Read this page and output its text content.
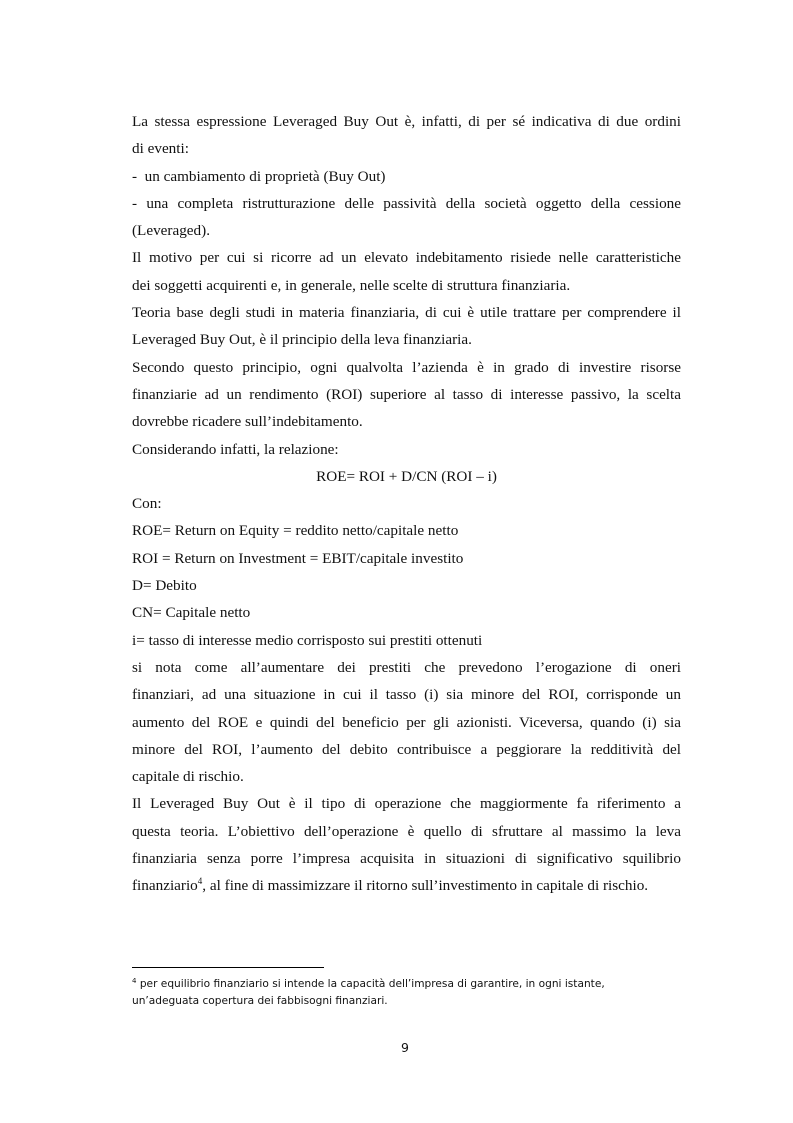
La stessa espressione Leveraged Buy Out è, infatti, di per sé indicativa di due ordini
di eventi:
-  un cambiamento di proprietà (Buy Out)
- una completa ristrutturazione delle passività della società oggetto della cessione
(Leveraged).
Il motivo per cui si ricorre ad un elevato indebitamento risiede nelle caratteristiche
dei soggetti acquirenti e, in generale, nelle scelte di struttura finanziaria.
Teoria base degli studi in materia finanziaria, di cui è utile trattare per comprendere il
Leveraged Buy Out, è il principio della leva finanziaria.
Secondo questo principio, ogni qualvolta l’azienda è in grado di investire risorse
finanziarie ad un rendimento (ROI) superiore al tasso di interesse passivo, la scelta
dovrebbe ricadere sull’indebitamento.
Considerando infatti, la relazione:
ROE= ROI + D/CN (ROI – i)
Con:
ROE= Return on Equity = reddito netto/capitale netto
ROI = Return on Investment = EBIT/capitale investito
D= Debito
CN= Capitale netto
i= tasso di interesse medio corrisposto sui prestiti ottenuti
si nota come all’aumentare dei prestiti che prevedono l’erogazione di oneri
finanziari, ad una situazione in cui il tasso (i) sia minore del ROI, corrisponde un
aumento del ROE e quindi del beneficio per gli azionisti. Viceversa, quando (i) sia
minore del ROI, l’aumento del debito contribuisce a peggiorare la redditività del
capitale di rischio.
Il Leveraged Buy Out è il tipo di operazione che maggiormente fa riferimento a
questa teoria. L’obiettivo dell’operazione è quello di sfruttare al massimo la leva
finanziaria senza porre l’impresa acquisita in situazioni di significativo squilibrio
finanziario$^4$, al fine di massimizzare il ritorno sull’investimento in capitale di rischio.
$^4$ per equilibrio finanziario si intende la capacità dell’impresa di garantire, in ogni istante,
un’adeguata copertura dei fabbisogni finanziari.
9
